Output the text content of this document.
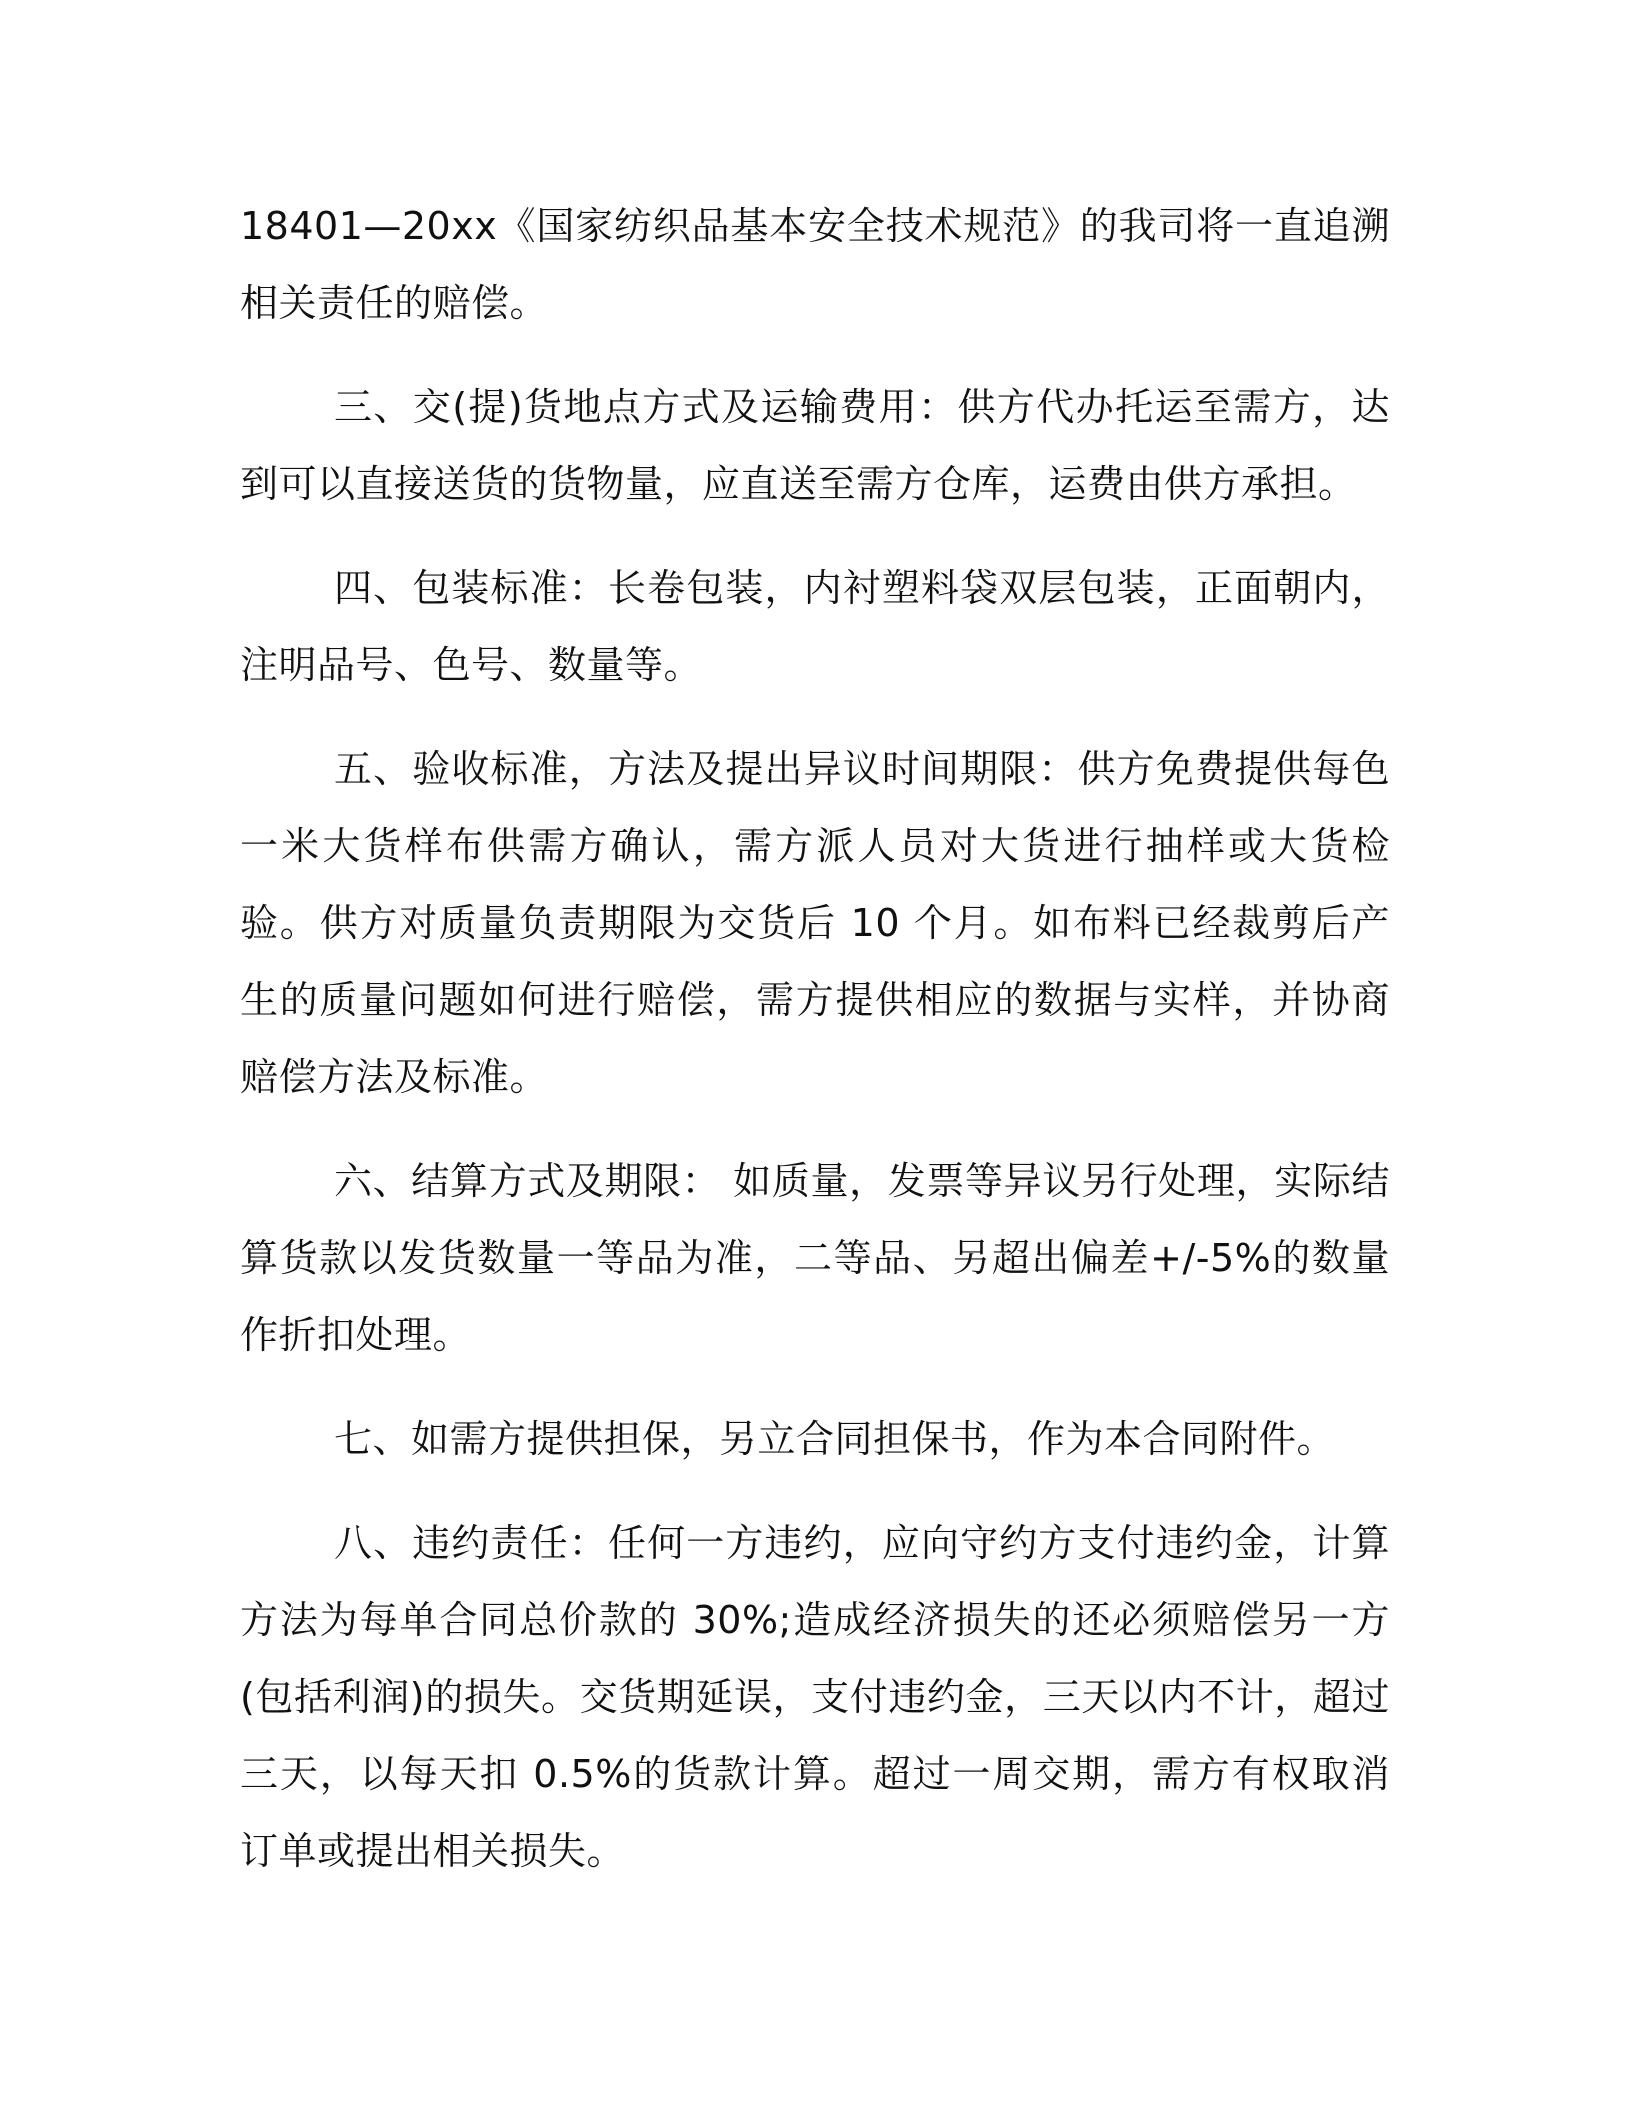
18401—20xx《国家纺织品基本安全技术规范》的我司将一直追溯相关责任的赔偿。

三、交(提)货地点方式及运输费用：供方代办托运至需方，达到可以直接送货的货物量，应直送至需方仓库，运费由供方承担。

四、包装标准：长卷包装，内衬塑料袋双层包装，正面朝内，注明品号、色号、数量等。

五、验收标准，方法及提出异议时间期限：供方免费提供每色一米大货样布供需方确认，需方派人员对大货进行抽样或大货检验。供方对质量负责期限为交货后 10 个月。如布料已经裁剪后产生的质量问题如何进行赔偿，需方提供相应的数据与实样，并协商赔偿方法及标准。

六、结算方式及期限： 如质量，发票等异议另行处理，实际结算货款以发货数量一等品为准，二等品、另超出偏差+/-5%的数量作折扣处理。

七、如需方提供担保，另立合同担保书，作为本合同附件。

八、违约责任：任何一方违约，应向守约方支付违约金，计算方法为每单合同总价款的 30%;造成经济损失的还必须赔偿另一方(包括利润)的损失。交货期延误，支付违约金，三天以内不计，超过三天，以每天扣 0.5%的货款计算。超过一周交期，需方有权取消订单或提出相关损失。
